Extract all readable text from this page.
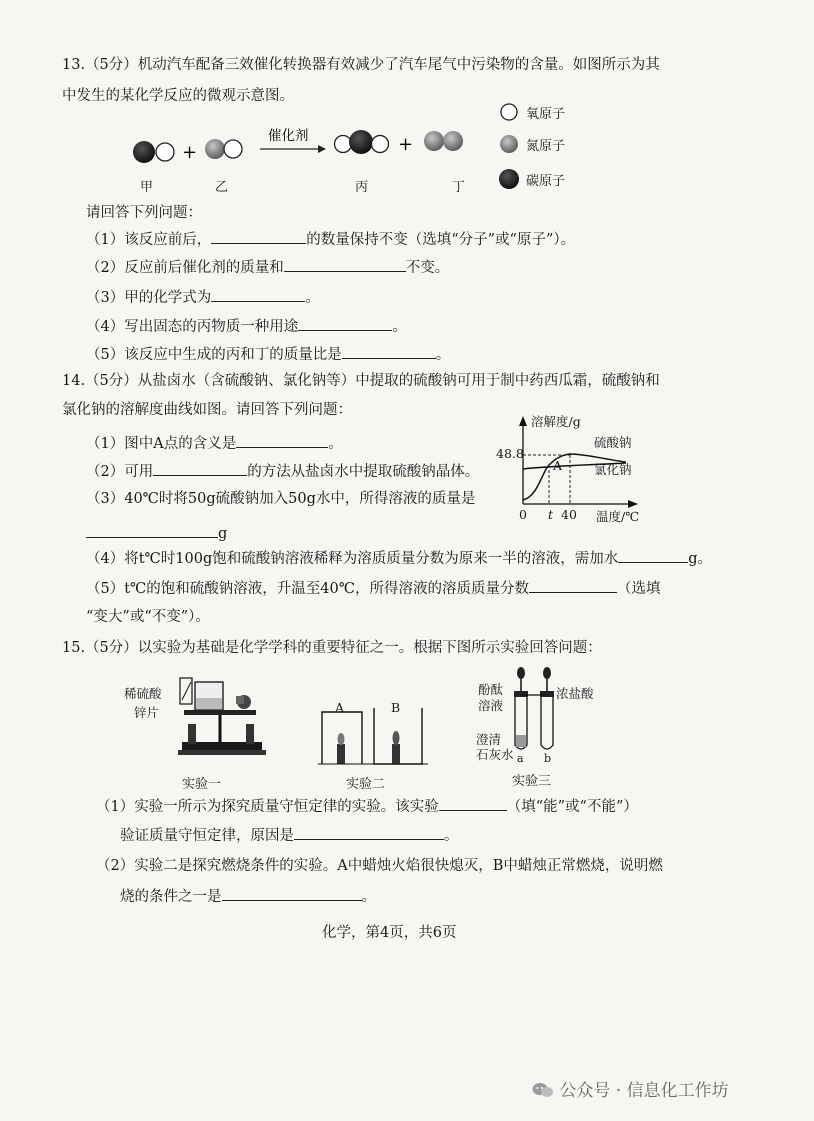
13.（5分）机动汽车配备三效催化转换器有效减少了汽车尾气中污染物的含量。如图所示为其
中发生的某化学反应的微观示意图。
+
催化剂	+
甲	乙	丙	丁
氧原子
氮原子
碳原子
请回答下列问题：
（1）该反应前后，	的数量保持不变（选填“分子”或“原子”）。
（2）反应前后催化剂的质量和	不变。
（3）甲的化学式为	。
（4）写出固态的丙物质一种用途	。
（5）该反应中生成的丙和丁的质量比是	。
14.（5分）从盐卤水（含硫酸钠、氯化钠等）中提取的硫酸钠可用于制中药西瓜霜，硫酸钠和
氯化钠的溶解度曲线如图。请回答下列问题：
（1）图中A点的含义是	。
（2）可用	的方法从盐卤水中提取硫酸钠晶体。
（3）40℃时将50g硫酸钠加入50g水中，所得溶液的质量是
g
溶解度/g
48.8
硫酸钠
氯化钠
A
0 t 40 温度/℃
（4）将t℃时100g饱和硫酸钠溶液稀释为溶质质量分数为原来一半的溶液，需加水	g。
（5）t℃的饱和硫酸钠溶液，升温至40℃，所得溶液的溶质质量分数	（选填
“变大”或“不变”）。
15.（5分）以实验为基础是化学学科的重要特征之一。根据下图所示实验回答问题：
稀硫酸
锌片
实验一
A	B
实验二
酚酞
溶液
浓盐酸
澄清
石灰水 a b
实验三
（1）实验一所示为探究质量守恒定律的实验。该实验	（填“能”或“不能”）
验证质量守恒定律，原因是	。
（2）实验二是探究燃烧条件的实验。A中蜡烛火焰很快熄灭，B中蜡烛正常燃烧，说明燃
烧的条件之一是	。
化学，第4页，共6页
公众号 · 信息化工作坊
